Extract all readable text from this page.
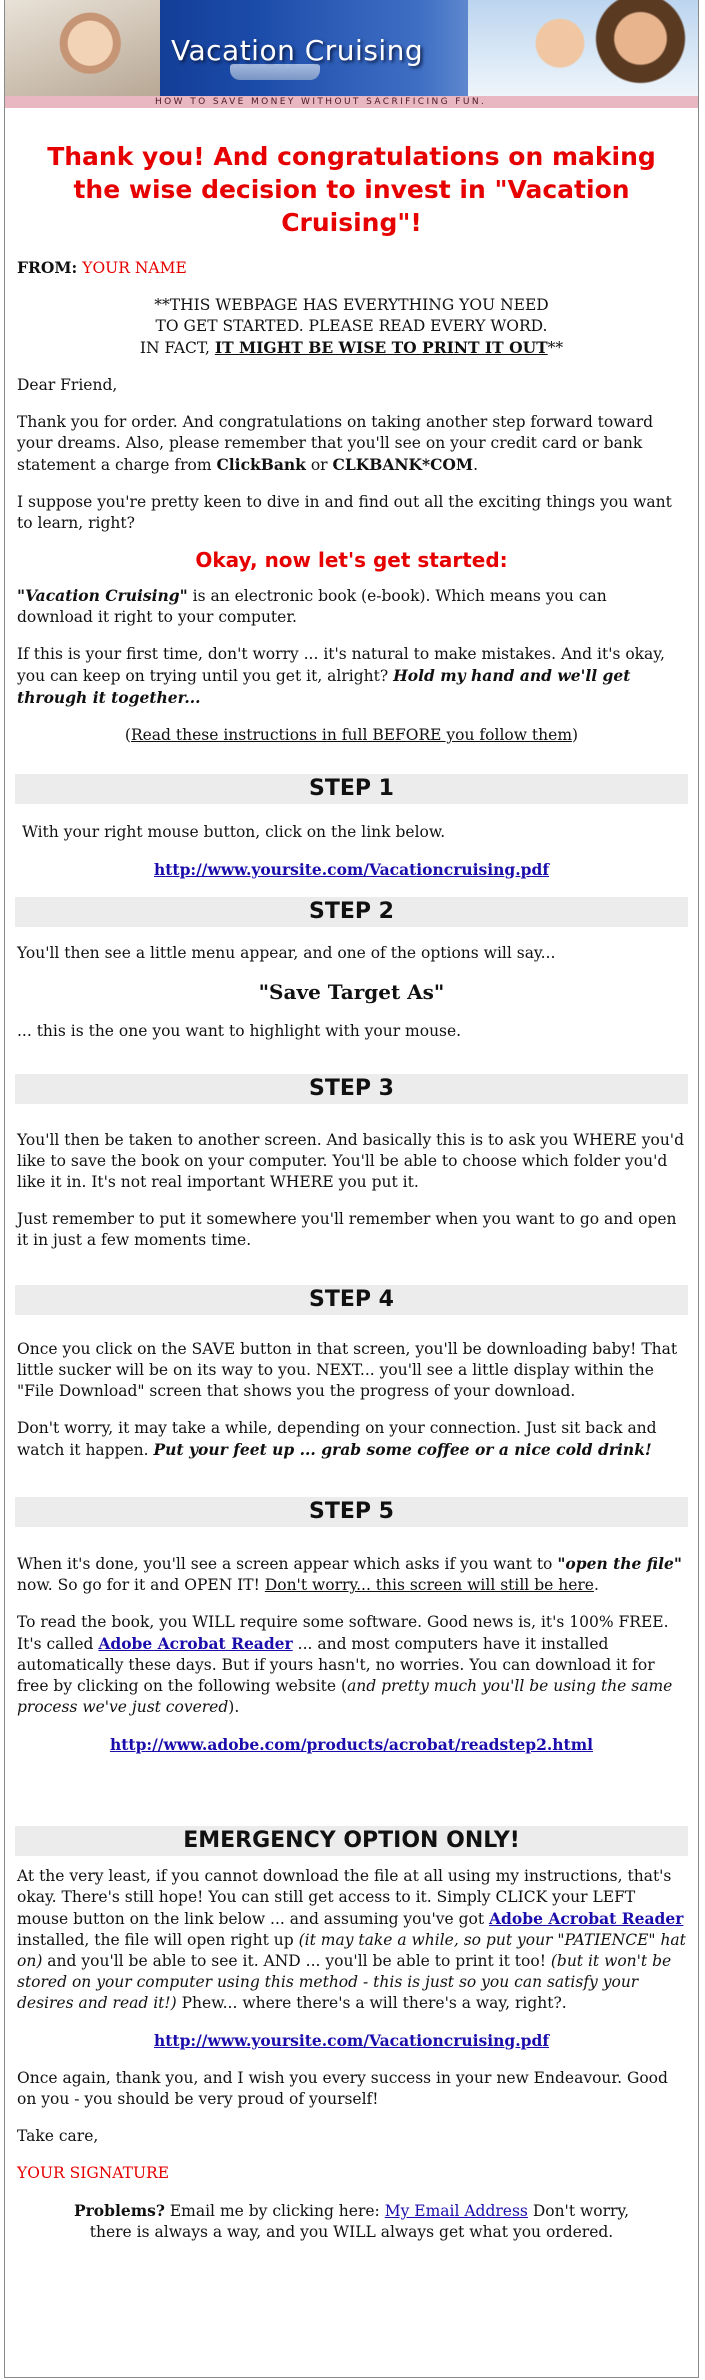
Vacation Cruising
HOW TO SAVE MONEY WITHOUT SACRIFICING FUN.
Thank you! And congratulations on making the wise decision to invest in "Vacation Cruising"!

FROM: YOUR NAME

**THIS WEBPAGE HAS EVERYTHING YOU NEED
TO GET STARTED. PLEASE READ EVERY WORD.
IN FACT, IT MIGHT BE WISE TO PRINT IT OUT**

Dear Friend,

Thank you for order. And congratulations on taking another step forward toward your dreams. Also, please remember that you'll see on your credit card or bank statement a charge from ClickBank or CLKBANK*COM.

I suppose you're pretty keen to dive in and find out all the exciting things you want to learn, right?

Okay, now let's get started:

"Vacation Cruising" is an electronic book (e-book). Which means you can download it right to your computer.

If this is your first time, don't worry ... it's natural to make mistakes. And it's okay, you can keep on trying until you get it, alright? Hold my hand and we'll get through it together...

(Read these instructions in full BEFORE you follow them)

STEP 1

With your right mouse button, click on the link below.

http://www.yoursite.com/Vacationcruising.pdf

STEP 2

You'll then see a little menu appear, and one of the options will say...

"Save Target As"

... this is the one you want to highlight with your mouse.

STEP 3

You'll then be taken to another screen. And basically this is to ask you WHERE you'd like to save the book on your computer. You'll be able to choose which folder you'd like it in. It's not real important WHERE you put it.

Just remember to put it somewhere you'll remember when you want to go and open it in just a few moments time.

STEP 4

Once you click on the SAVE button in that screen, you'll be downloading baby! That little sucker will be on its way to you. NEXT... you'll see a little display within the "File Download" screen that shows you the progress of your download.

Don't worry, it may take a while, depending on your connection. Just sit back and watch it happen. Put your feet up ... grab some coffee or a nice cold drink!

STEP 5

When it's done, you'll see a screen appear which asks if you want to "open the file" now. So go for it and OPEN IT! Don't worry... this screen will still be here.

To read the book, you WILL require some software. Good news is, it's 100% FREE. It's called Adobe Acrobat Reader ... and most computers have it installed automatically these days. But if yours hasn't, no worries. You can download it for free by clicking on the following website (and pretty much you'll be using the same process we've just covered).

http://www.adobe.com/products/acrobat/readstep2.html

EMERGENCY OPTION ONLY!

At the very least, if you cannot download the file at all using my instructions, that's okay. There's still hope! You can still get access to it. Simply CLICK your LEFT mouse button on the link below ... and assuming you've got Adobe Acrobat Reader installed, the file will open right up (it may take a while, so put your "PATIENCE" hat on) and you'll be able to see it. AND ... you'll be able to print it too! (but it won't be stored on your computer using this method - this is just so you can satisfy your desires and read it!) Phew... where there's a will there's a way, right?.

http://www.yoursite.com/Vacationcruising.pdf

Once again, thank you, and I wish you every success in your new Endeavour. Good on you - you should be very proud of yourself!

Take care,

YOUR SIGNATURE

Problems? Email me by clicking here: My Email Address Don't worry, there is always a way, and you WILL always get what you ordered.
